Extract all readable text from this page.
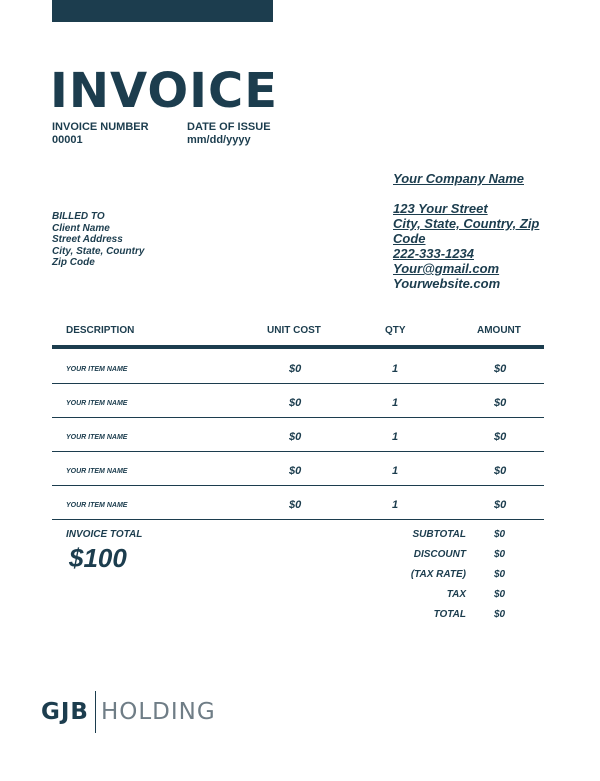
INVOICE
INVOICE NUMBER
00001
DATE OF ISSUE
mm/dd/yyyy
BILLED TO
Client Name
Street Address
City, State, Country
Zip Code
Your Company Name
123 Your Street
City, State, Country, Zip Code
222-333-1234
Your@gmail.com
Yourwebsite.com
DESCRIPTION	UNIT COST	QTY	AMOUNT
YOUR ITEM NAME	$0	1	$0
YOUR ITEM NAME	$0	1	$0
YOUR ITEM NAME	$0	1	$0
YOUR ITEM NAME	$0	1	$0
YOUR ITEM NAME	$0	1	$0
INVOICE TOTAL
$100
SUBTOTAL	$0
DISCOUNT	$0
(TAX RATE)	$0
TAX	$0
TOTAL	$0
GJB HOLDING
